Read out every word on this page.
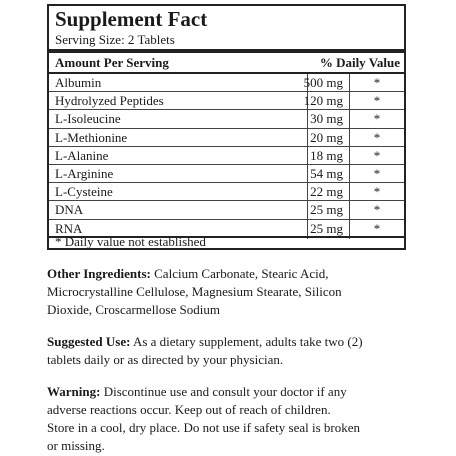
Supplement Fact
Serving Size: 2 Tablets
Amount Per Serving	% Daily Value
Albumin	500 mg *
Hydrolyzed Peptides	120 mg *
L-Isoleucine	30 mg *
L-Methionine	20 mg *
L-Alanine	18 mg *
L-Arginine	54 mg *
L-Cysteine	22 mg *
DNA	25 mg *
RNA	25 mg *
* Daily value not established
Other Ingredients: Calcium Carbonate, Stearic Acid,
Microcrystalline Cellulose, Magnesium Stearate, Silicon
Dioxide, Croscarmellose Sodium
Suggested Use: As a dietary supplement, adults take two (2)
tablets daily or as directed by your physician.
Warning: Discontinue use and consult your doctor if any
adverse reactions occur. Keep out of reach of children.
Store in a cool, dry place. Do not use if safety seal is broken
or missing.
